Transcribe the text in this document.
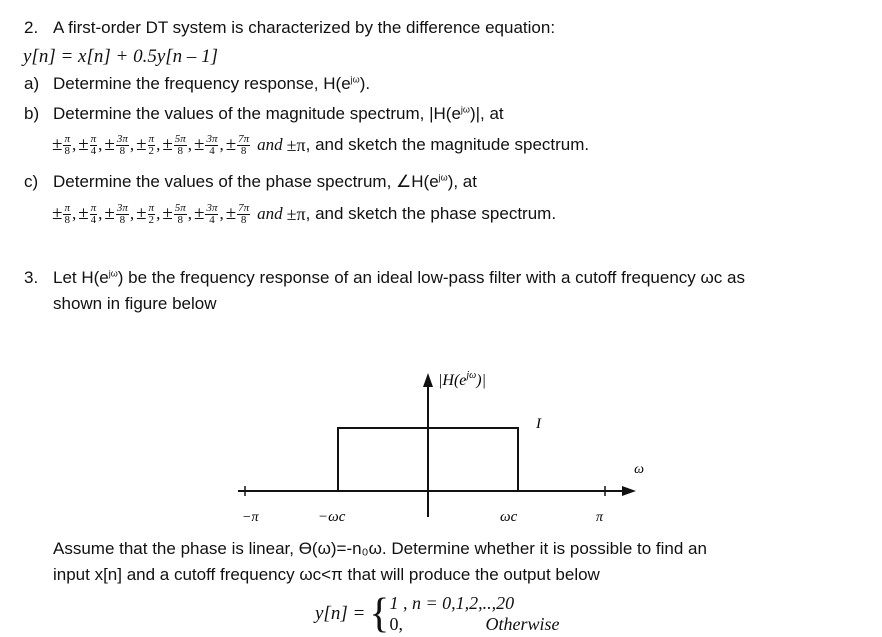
2. A first-order DT system is characterized by the difference equation:
y[n] = x[n] + 0.5y[n – 1]
a) Determine the frequency response, $H(e^{j\omega})$.
b) Determine the values of the magnitude spectrum, $|H(e^{j\omega})|$, at
± $\frac{\pi}{8}$ , ± $\frac{\pi}{4}$ , ± $\frac{3\pi}{8}$ , ± $\frac{\pi}{2}$ , ± $\frac{5\pi}{8}$ , ± $\frac{3\pi}{4}$ , ± $\frac{7\pi}{8}$ and ±π , and sketch the magnitude spectrum.
c) Determine the values of the phase spectrum, $\angle H(e^{j\omega})$, at
± $\frac{\pi}{8}$ , ± $\frac{\pi}{4}$ , ± $\frac{3\pi}{8}$ , ± $\frac{\pi}{2}$ , ± $\frac{5\pi}{8}$ , ± $\frac{3\pi}{4}$ , ± $\frac{7\pi}{8}$ and ±π , and sketch the phase spectrum.
3. Let $H(e^{j\omega})$ be the frequency response of an ideal low-pass filter with a cutoff frequency ωc as
shown in figure below
$|H(e^{j\omega})|$
I
ω
−π	−ωc	ωc	π
Assume that the phase is linear, Ɵ(ω)=-n₀ω. Determine whether it is possible to find an
input x[n] and a cutoff frequency ωc<π that will produce the output below
y[n] = { 1 , n = 0,1,2,..,20
0,	Otherwise
